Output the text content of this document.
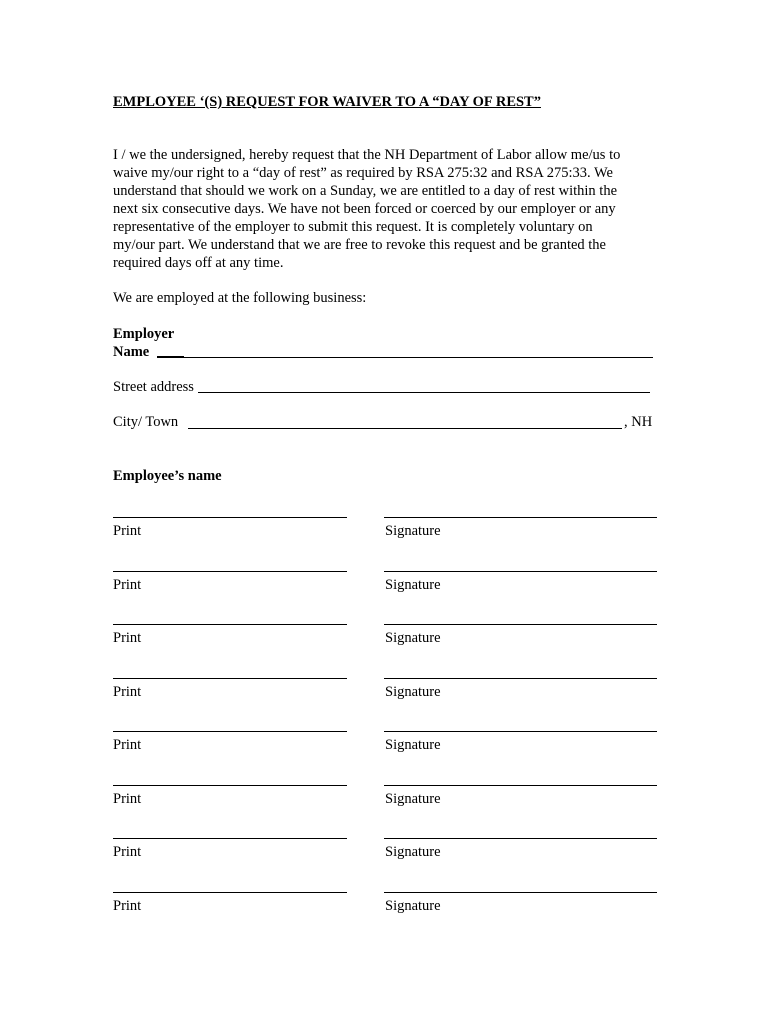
EMPLOYEE ‘(S) REQUEST FOR WAIVER TO A “DAY OF REST”

I / we the undersigned, hereby request that the NH Department of Labor allow me/us to
waive my/our right to a “day of rest” as required by RSA 275:32 and RSA 275:33. We
understand that should we work on a Sunday, we are entitled to a day of rest within the
next six consecutive days. We have not been forced or coerced by our employer or any
representative of the employer to submit this request. It is completely voluntary on
my/our part. We understand that we are free to revoke this request and be granted the
required days off at any time.

We are employed at the following business:
Employer
Name
Street address
City/ Town	, NH
Employee’s name
Print	Signature
Print	Signature
Print	Signature
Print	Signature
Print	Signature
Print	Signature
Print	Signature
Print	Signature
